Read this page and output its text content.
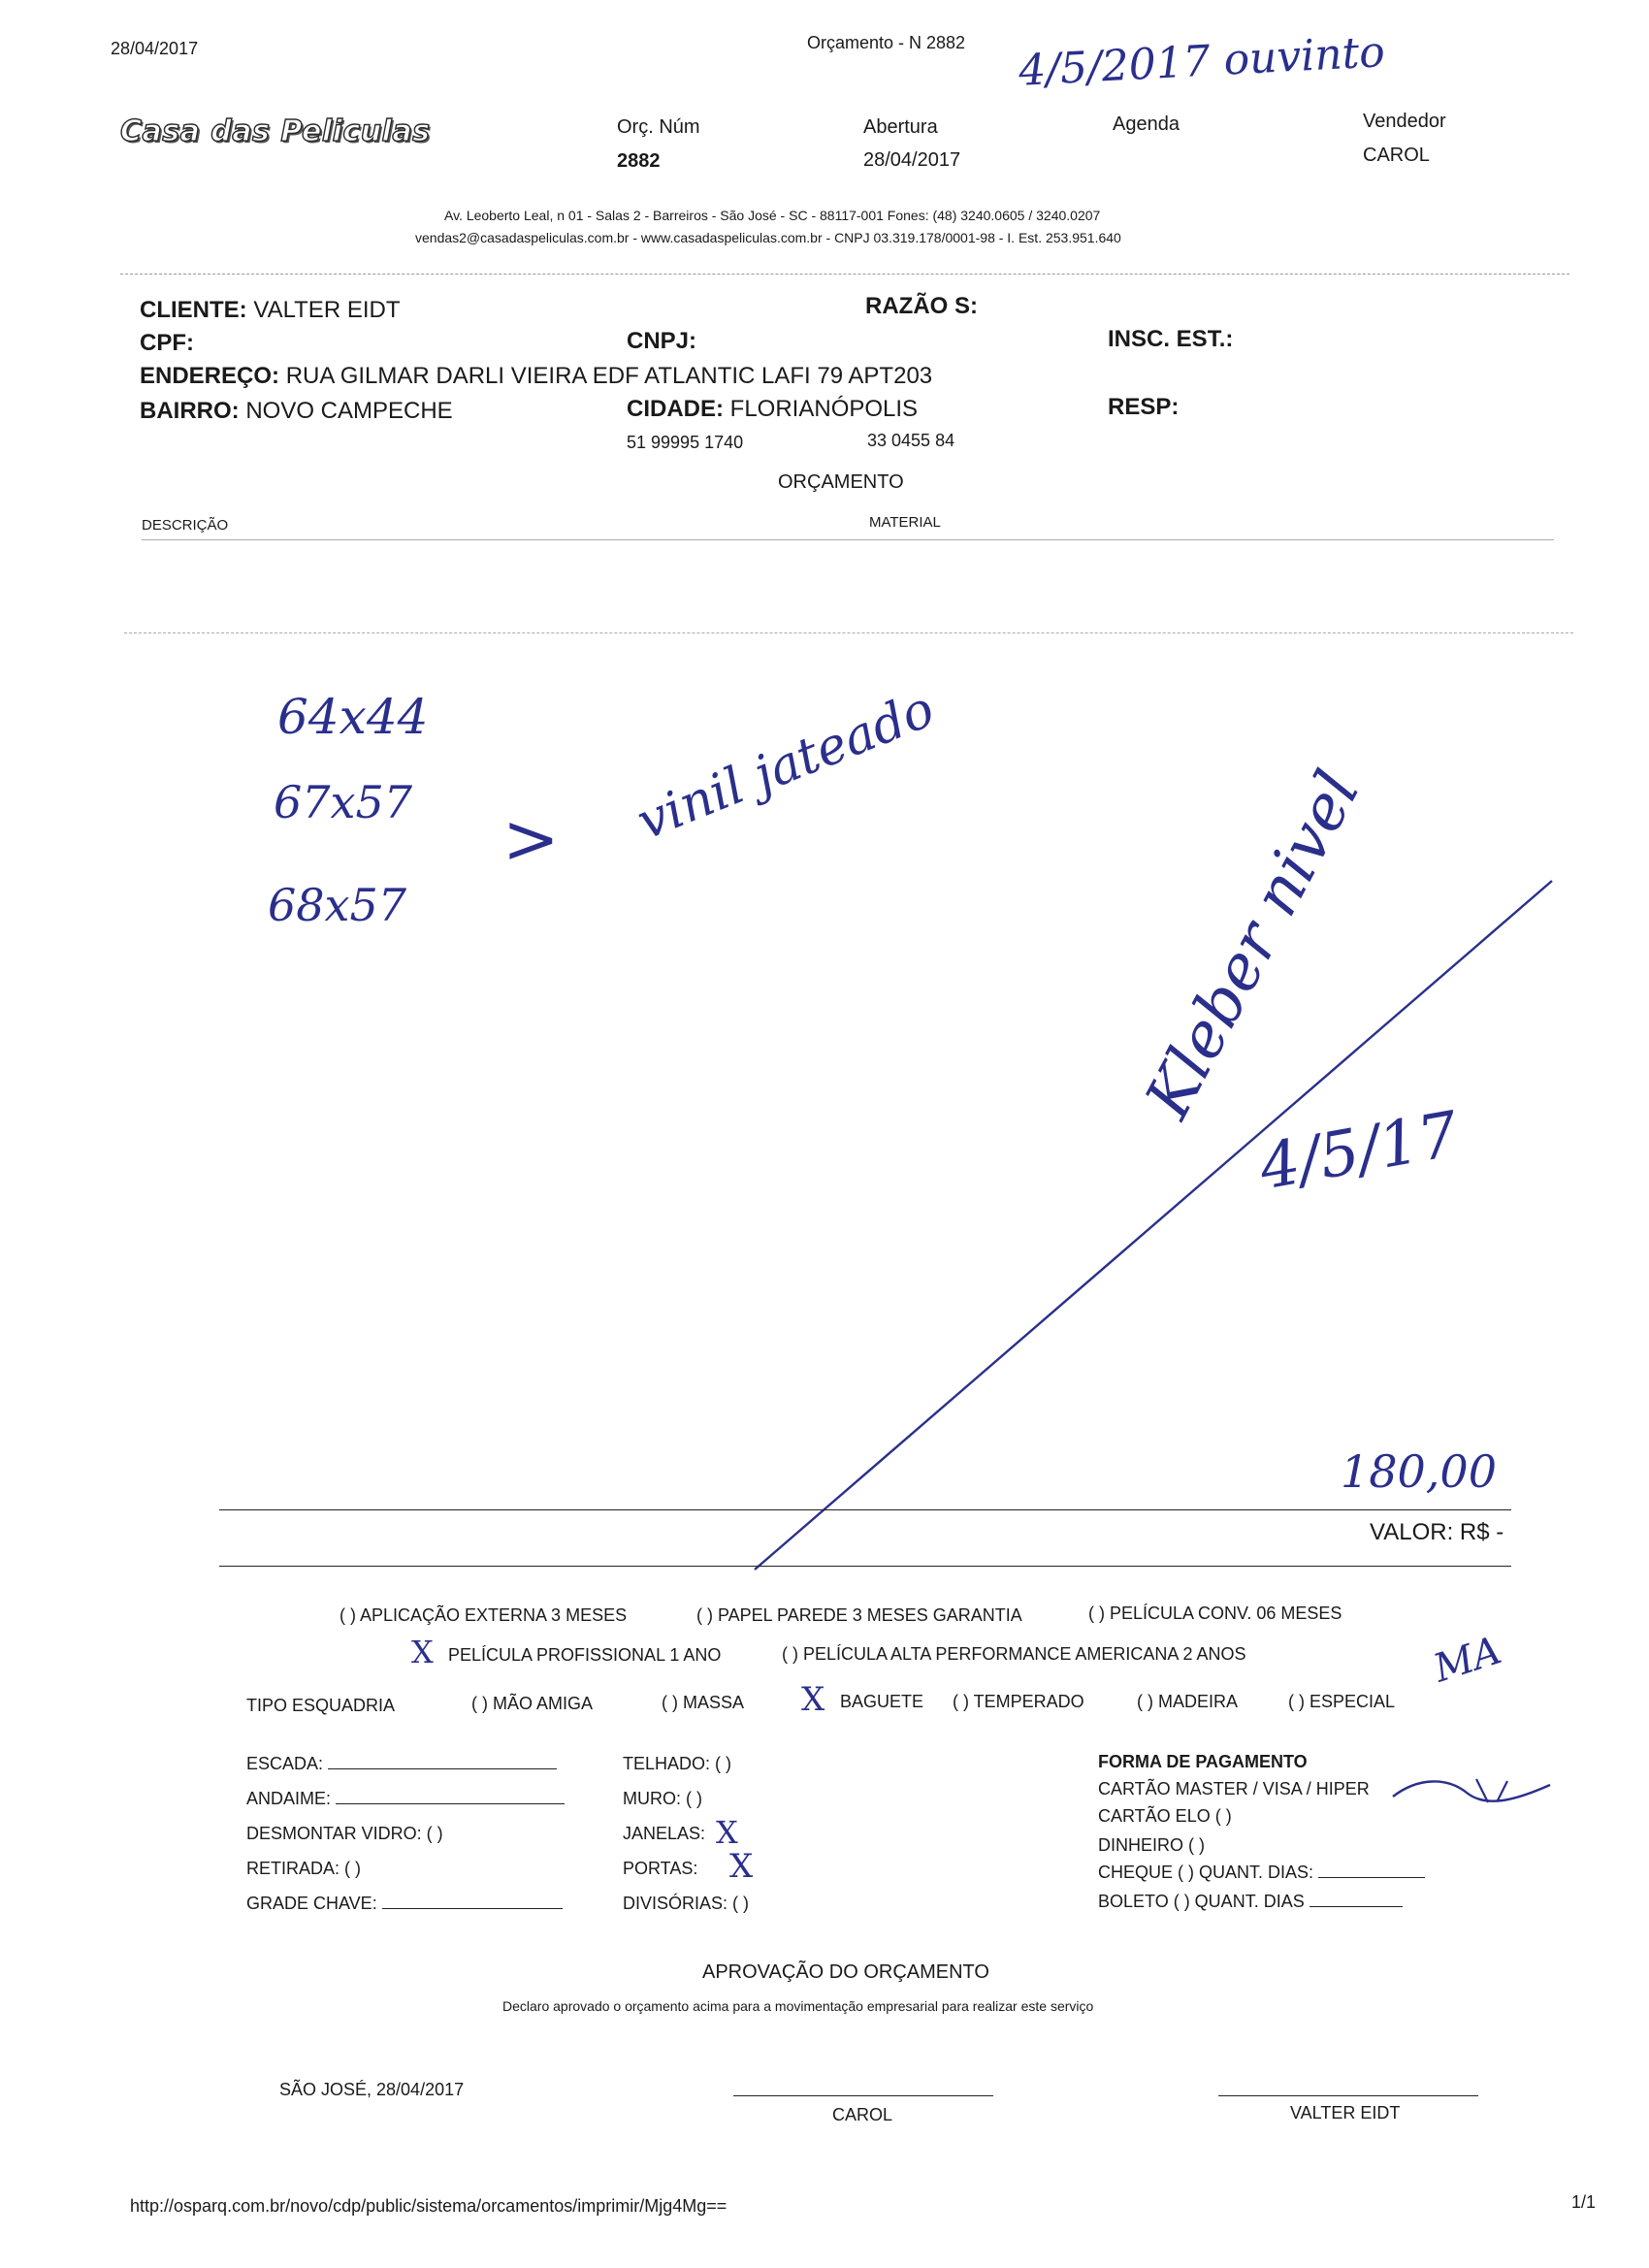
28/04/2017	Orçamento - N 2882
Casa das Peliculas	Orç. Núm
2882
Abertura
28/04/2017
Agenda	Vendedor
CAROL
Av. Leoberto Leal, n 01 - Salas 2 - Barreiros - São José - SC - 88117-001 Fones: (48) 3240.0605 / 3240.0207
vendas2@casadaspeliculas.com.br - www.casadaspeliculas.com.br - CNPJ 03.319.178/0001-98 - I. Est. 253.951.640
CLIENTE: VALTER EIDT	RAZÃO S:
CPF:	CNPJ:	INSC. EST.:
ENDEREÇO: RUA GILMAR DARLI VIEIRA EDF ATLANTIC LAFI 79 APT203
BAIRRO: NOVO CAMPECHE	CIDADE: FLORIANÓPOLIS	RESP:
51 99995 1740	33 0455 84
ORÇAMENTO
DESCRIÇÃO	MATERIAL
4/5/2017 ouvinto
64x44
67x57
68x57
> vinil jateado	Kleber nivel
4/5/17
180,00
VALOR: R$ -
( ) APLICAÇÃO EXTERNA 3 MESES	( ) PAPEL PAREDE 3 MESES GARANTIA	( ) PELÍCULA CONV. 06 MESES
X PELÍCULA PROFISSIONAL 1 ANO	( ) PELÍCULA ALTA PERFORMANCE AMERICANA 2 ANOS	MA
TIPO ESQUADRIA	( ) MÃO AMIGA	( ) MASSA X BAGUETE ( ) TEMPERADO	( ) MADEIRA	( ) ESPECIAL
ESCADA:
ANDAIME:
DESMONTAR VIDRO: ( )
RETIRADA: ( )
GRADE CHAVE:
TELHADO: ( )
MURO: ( )
JANELAS: X
PORTAS: X
DIVISÓRIAS: ( )
FORMA DE PAGAMENTO
CARTÃO MASTER / VISA / HIPER
CARTÃO ELO ( )
DINHEIRO ( )
CHEQUE ( ) QUANT. DIAS:
BOLETO ( ) QUANT. DIAS
APROVAÇÃO DO ORÇAMENTO
Declaro aprovado o orçamento acima para a movimentação empresarial para realizar este serviço
SÃO JOSÉ, 28/04/2017
CAROL	VALTER EIDT
http://osparq.com.br/novo/cdp/public/sistema/orcamentos/imprimir/Mjg4Mg==	1/1
